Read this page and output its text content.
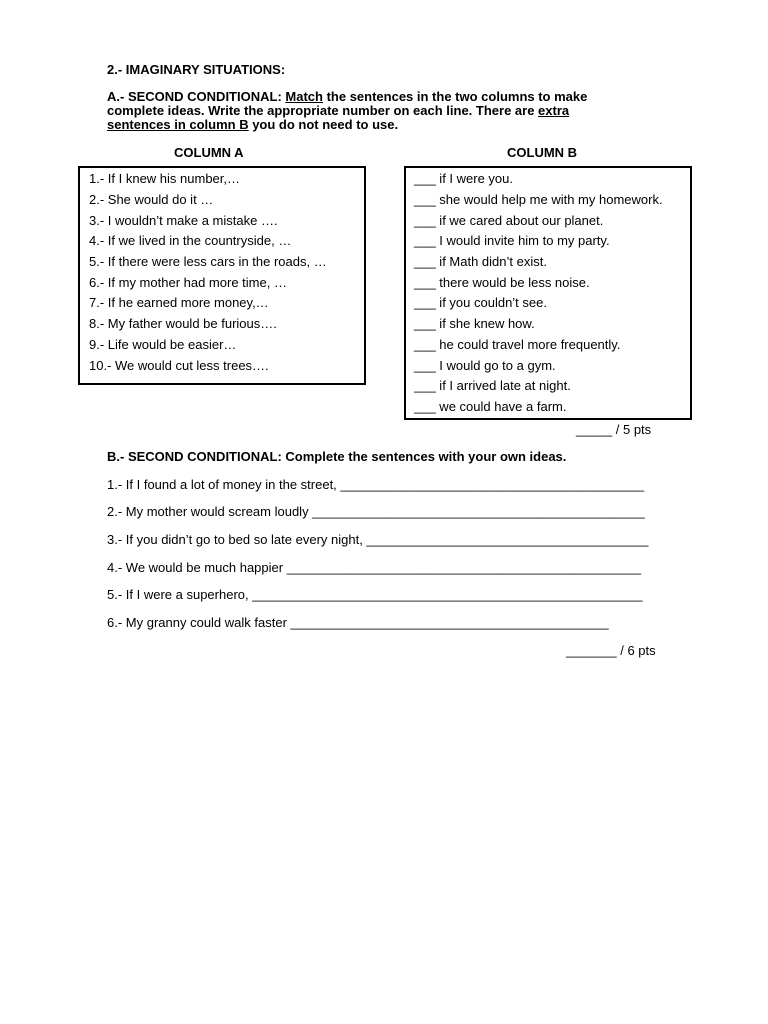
2.- IMAGINARY SITUATIONS:
A.- SECOND CONDITIONAL: Match the sentences in the two columns to make
complete ideas. Write the appropriate number on each line. There are extra
sentences in column B you do not need to use.
COLUMN A	COLUMN B
1.- If I knew his number,…
2.- She would do it …
3.- I wouldn’t make a mistake ….
4.- If we lived in the countryside, …
5.- If there were less cars in the roads, …
6.- If my mother had more time, …
7.- If he earned more money,…
8.- My father would be furious….
9.- Life would be easier…
10.- We would cut less trees….
___ if I were you.
___ she would help me with my homework.
___ if we cared about our planet.
___ I would invite him to my party.
___ if Math didn’t exist.
___ there would be less noise.
___ if you couldn’t see.
___ if she knew how.
___ he could travel more frequently.
___ I would go to a gym.
___ if I arrived late at night.
___ we could have a farm.
_____ / 5 pts
B.- SECOND CONDITIONAL: Complete the sentences with your own ideas.
1.- If I found a lot of money in the street, __________________________________________
2.- My mother would scream loudly ______________________________________________
3.- If you didn’t go to bed so late every night, _______________________________________
4.- We would be much happier _________________________________________________
5.- If I were a superhero, ______________________________________________________
6.- My granny could walk faster ____________________________________________
_______ / 6 pts
